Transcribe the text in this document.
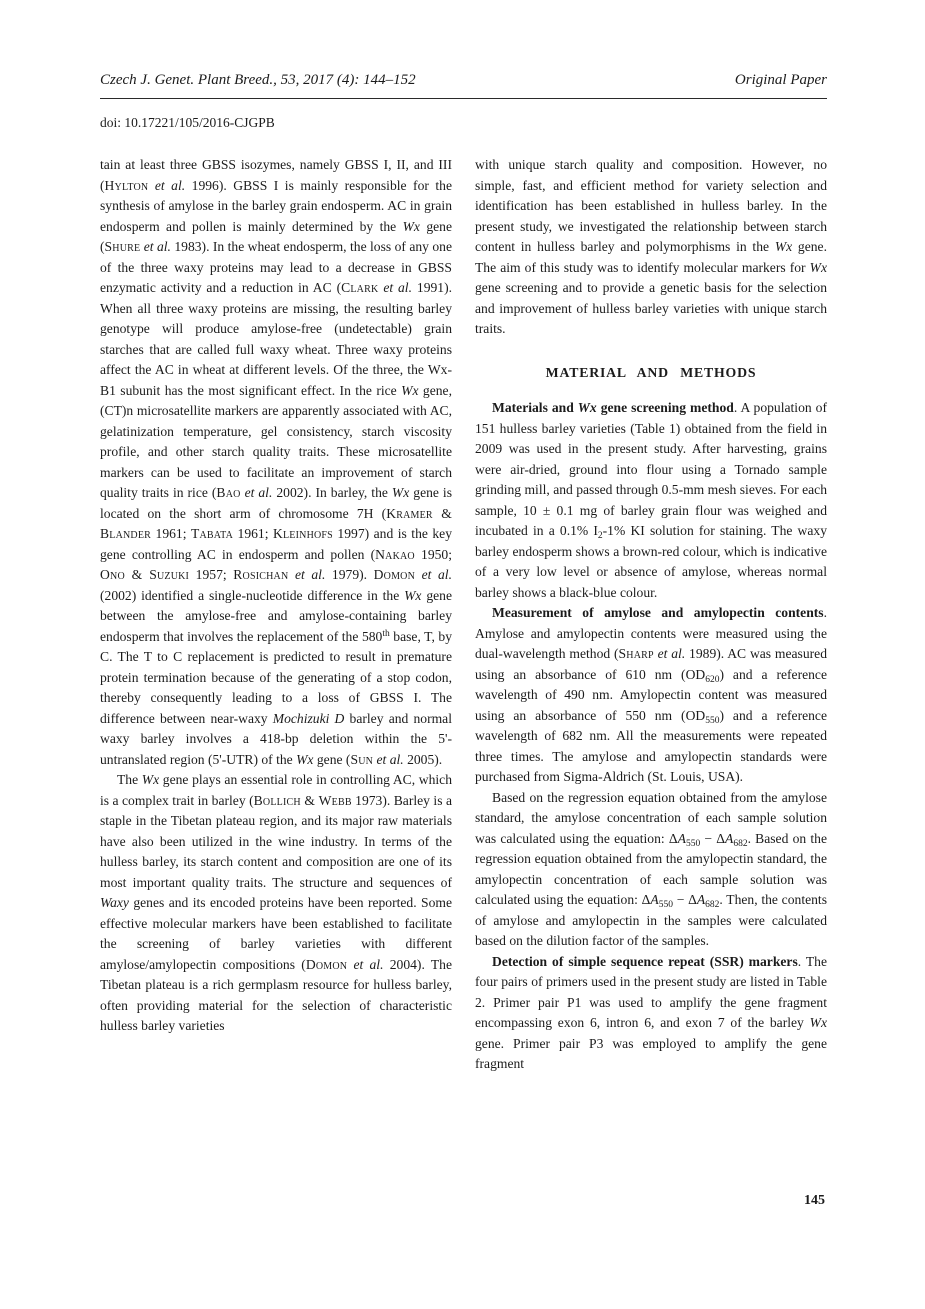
Czech J. Genet. Plant Breed., 53, 2017 (4): 144–152	Original Paper
doi: 10.17221/105/2016-CJGPB

tain at least three GBSS isozymes, namely GBSS I, II, and III (Hylton et al. 1996). GBSS I is mainly responsible for the synthesis of amylose in the barley grain endosperm. AC in grain endosperm and pollen is mainly determined by the Wx gene (Shure et al. 1983). In the wheat endosperm, the loss of any one of the three waxy proteins may lead to a decrease in GBSS enzymatic activity and a reduction in AC (Clark et al. 1991). When all three waxy proteins are missing, the resulting barley genotype will produce amylose-free (undetectable) grain starches that are called full waxy wheat. Three waxy proteins affect the AC in wheat at different levels. Of the three, the Wx-B1 subunit has the most significant effect. In the rice Wx gene, (CT)n microsatellite markers are apparently associated with AC, gelatinization temperature, gel consistency, starch viscosity profile, and other starch quality traits. These microsatellite markers can be used to facilitate an improvement of starch quality traits in rice (Bao et al. 2002). In barley, the Wx gene is located on the short arm of chromosome 7H (Kramer & Blander 1961; Tabata 1961; Kleinhofs 1997) and is the key gene controlling AC in endosperm and pollen (Nakao 1950; Ono & Suzuki 1957; Rosichan et al. 1979). Domon et al. (2002) identified a single-nucleotide difference in the Wx gene between the amylose-free and amylose-containing barley endosperm that involves the replacement of the 580th base, T, by C. The T to C replacement is predicted to result in premature protein termination because of the generating of a stop codon, thereby consequently leading to a loss of GBSS I. The difference between near-waxy Mochizuki D barley and normal waxy barley involves a 418-bp deletion within the 5'-untranslated region (5'-UTR) of the Wx gene (Sun et al. 2005).

The Wx gene plays an essential role in controlling AC, which is a complex trait in barley (Bollich & Webb 1973). Barley is a staple in the Tibetan plateau region, and its major raw materials have also been utilized in the wine industry. In terms of the hulless barley, its starch content and composition are one of its most important quality traits. The structure and sequences of Waxy genes and its encoded proteins have been reported. Some effective molecular markers have been established to facilitate the screening of barley varieties with different amylose/amylopectin compositions (Domon et al. 2004). The Tibetan plateau is a rich germplasm resource for hulless barley, often providing material for the selection of characteristic hulless barley varieties

with unique starch quality and composition. However, no simple, fast, and efficient method for variety selection and identification has been established in hulless barley. In the present study, we investigated the relationship between starch content in hulless barley and polymorphisms in the Wx gene. The aim of this study was to identify molecular markers for Wx gene screening and to provide a genetic basis for the selection and improvement of hulless barley varieties with unique starch traits.

MATERIAL AND METHODS

Materials and Wx gene screening method. A population of 151 hulless barley varieties (Table 1) obtained from the field in 2009 was used in the present study. After harvesting, grains were air-dried, ground into flour using a Tornado sample grinding mill, and passed through 0.5-mm mesh sieves. For each sample, 10 ± 0.1 mg of barley grain flour was weighed and incubated in a 0.1% $I_2-1\%$ KI solution for staining. The waxy barley endosperm shows a brown-red colour, which is indicative of a very low level or absence of amylose, whereas normal barley shows a black-blue colour.

Measurement of amylose and amylopectin contents. Amylose and amylopectin contents were measured using the dual-wavelength method (Sharp et al. 1989). AC was measured using an absorbance of 610 nm $(OD_{620})$ and a reference wavelength of 490 nm. Amylopectin content was measured using an absorbance of 550 nm $(OD_{550})$ and a reference wavelength of 682 nm. All the measurements were repeated three times. The amylose and amylopectin standards were purchased from Sigma-Aldrich (St. Louis, USA).

Based on the regression equation obtained from the amylose standard, the amylose concentration of each sample solution was calculated using the equation: $\Delta A_{550} - \Delta A_{682}$. Based on the regression equation obtained from the amylopectin standard, the amylopectin concentration of each sample solution was calculated using the equation: $\Delta A_{550} - \Delta A_{682}$. Then, the contents of amylose and amylopectin in the samples were calculated based on the dilution factor of the samples.

Detection of simple sequence repeat (SSR) markers. The four pairs of primers used in the present study are listed in Table 2. Primer pair P1 was used to amplify the gene fragment encompassing exon 6, intron 6, and exon 7 of the barley Wx gene. Primer pair P3 was employed to amplify the gene fragment

145
